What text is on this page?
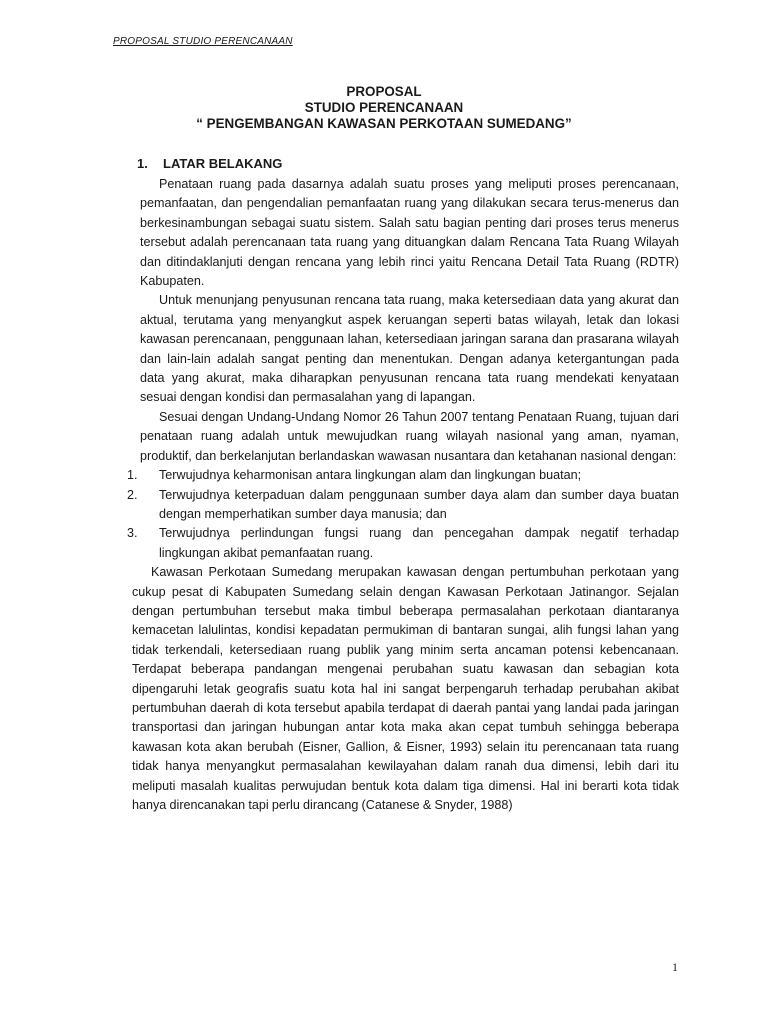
PROPOSAL STUDIO PERENCANAAN
PROPOSAL
STUDIO PERENCANAAN
“ PENGEMBANGAN KAWASAN PERKOTAAN SUMEDANG”
1. LATAR BELAKANG

Penataan ruang pada dasarnya adalah suatu proses yang meliputi proses perencanaan, pemanfaatan, dan pengendalian pemanfaatan ruang yang dilakukan secara terus-menerus dan berkesinambungan sebagai suatu sistem. Salah satu bagian penting dari proses terus menerus tersebut adalah perencanaan tata ruang yang dituangkan dalam Rencana Tata Ruang Wilayah dan ditindaklanjuti dengan rencana yang lebih rinci yaitu Rencana Detail Tata Ruang (RDTR) Kabupaten.

Untuk menunjang penyusunan rencana tata ruang, maka ketersediaan data yang akurat dan aktual, terutama yang menyangkut aspek keruangan seperti batas wilayah, letak dan lokasi kawasan perencanaan, penggunaan lahan, ketersediaan jaringan sarana dan prasarana wilayah dan lain-lain adalah sangat penting dan menentukan. Dengan adanya ketergantungan pada data yang akurat, maka diharapkan penyusunan rencana tata ruang mendekati kenyataan sesuai dengan kondisi dan permasalahan yang di lapangan.

Sesuai dengan Undang-Undang Nomor 26 Tahun 2007 tentang Penataan Ruang, tujuan dari penataan ruang adalah untuk mewujudkan ruang wilayah nasional yang aman, nyaman, produktif, dan berkelanjutan berlandaskan wawasan nusantara dan ketahanan nasional dengan:

1. Terwujudnya keharmonisan antara lingkungan alam dan lingkungan buatan;
2. Terwujudnya keterpaduan dalam penggunaan sumber daya alam dan sumber daya buatan dengan memperhatikan sumber daya manusia; dan
3. Terwujudnya perlindungan fungsi ruang dan pencegahan dampak negatif terhadap lingkungan akibat pemanfaatan ruang.

Kawasan Perkotaan Sumedang merupakan kawasan dengan pertumbuhan perkotaan yang cukup pesat di Kabupaten Sumedang selain dengan Kawasan Perkotaan Jatinangor. Sejalan dengan pertumbuhan tersebut maka timbul beberapa permasalahan perkotaan diantaranya kemacetan lalulintas, kondisi kepadatan permukiman di bantaran sungai, alih fungsi lahan yang tidak terkendali, ketersediaan ruang publik yang minim serta ancaman potensi kebencanaan. Terdapat beberapa pandangan mengenai perubahan suatu kawasan dan sebagian kota dipengaruhi letak geografis suatu kota hal ini sangat berpengaruh terhadap perubahan akibat pertumbuhan daerah di kota tersebut apabila terdapat di daerah pantai yang landai pada jaringan transportasi dan jaringan hubungan antar kota maka akan cepat tumbuh sehingga beberapa kawasan kota akan berubah (Eisner, Gallion, & Eisner, 1993) selain itu perencanaan tata ruang tidak hanya menyangkut permasalahan kewilayahan dalam ranah dua dimensi, lebih dari itu meliputi masalah kualitas perwujudan bentuk kota dalam tiga dimensi. Hal ini berarti kota tidak hanya direncanakan tapi perlu dirancang (Catanese & Snyder, 1988)

1
